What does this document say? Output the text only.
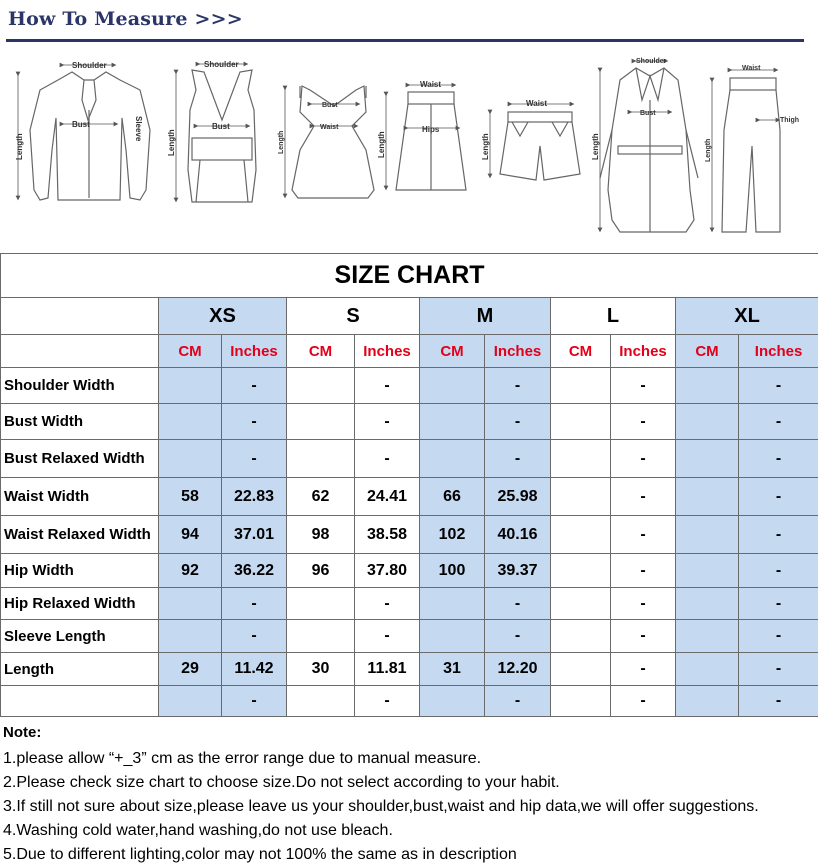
How To Measure >>>
Shoulder
Bust
Length
Sleeve
Shoulder
Bust
Length
Bust
Waist
Length
Waist
Hips
Length
Waist
Length
Shoulder
Bust
Length
Waist
Thigh
Length
SIZE CHART										
	XS		S		M		L		XL	
	CM	Inches	CM	Inches	CM	Inches	CM	Inches	CM	Inches
Shoulder Width		-		-		-		-		-
Bust Width		-		-		-		-		-
Bust Relaxed Width		-		-		-		-		-
Waist Width	58	22.83	62	24.41	66	25.98		-		-
Waist Relaxed Width	94	37.01	98	38.58	102	40.16		-		-
Hip Width	92	36.22	96	37.80	100	39.37		-		-
Hip Relaxed Width		-		-		-		-		-
Sleeve Length		-		-		-		-		-
Length	29	11.42	30	11.81	31	12.20		-		-
		-		-		-		-		-
Note:
1.please allow “+_3” cm as the error range due to manual measure.
2.Please check size chart to choose size.Do not select according to your habit.
3.If still not sure about size,please leave us your shoulder,bust,waist and hip data,we will offer suggestions.
4.Washing cold water,hand washing,do not use bleach.
5.Due to different lighting,color may not 100% the same as in description
